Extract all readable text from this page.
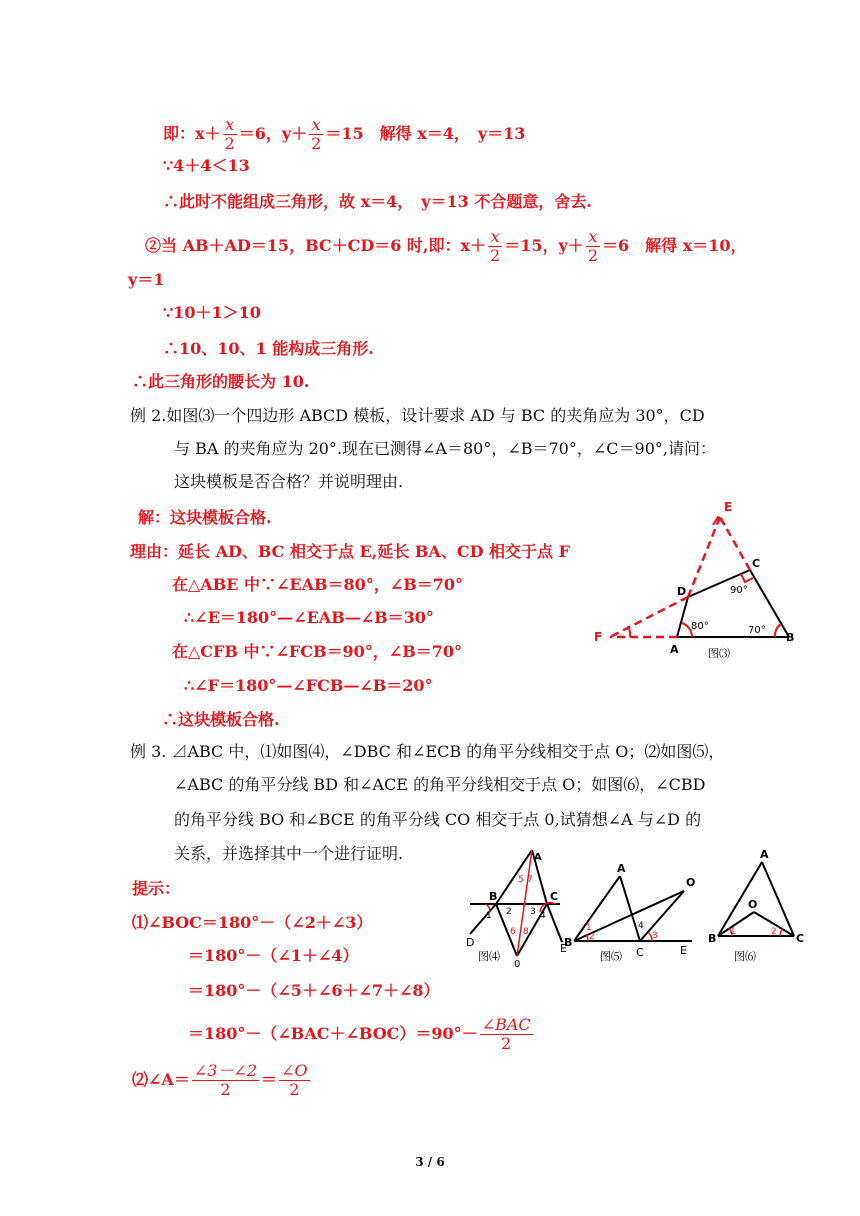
即：$x+ \frac{x}{2} =6$，$y+ \frac{x}{2} =15$　解得 x＝4，　y＝13
∵4＋4＜13
∴此时不能组成三角形，故 x＝4，　y＝13 不合题意，舍去.
②当 AB＋AD＝15，BC＋CD＝6 时,即：$x+ \frac{x}{2} =15$，$y+ \frac{x}{2} =6$　解得 x＝10，
y＝1
∵10＋1＞10
∴10、10、1 能构成三角形.
∴此三角形的腰长为 10.
例 2.如图⑶一个四边形 ABCD 模板，设计要求 AD 与 BC 的夹角应为 30°，CD
与 BA 的夹角应为 20°.现在已测得∠A＝80°，∠B＝70°，∠C＝90°,请问：
这块模板是否合格？并说明理由.
解：这块模板合格.
理由：延长 AD、BC 相交于点 E,延长 BA、CD 相交于点 F
在△ABE 中∵∠EAB＝80°，∠B＝70°
∴∠E＝180°—∠EAB—∠B＝30°
在△CFB 中∵∠FCB＝90°，∠B＝70°
∴∠F＝180°—∠FCB—∠B＝20°
∴这块模板合格.
E
C
D
F
A
B
90°
80°	70°
图⑶
例 3. ⊿ABC 中，⑴如图⑷，∠DBC 和∠ECB 的角平分线相交于点 O；⑵如图⑸，
∠ABC 的角平分线 BD 和∠ACE 的角平分线相交于点 O；如图⑹，∠CBD
的角平分线 BO 和∠BCE 的角平分线 CO 相交于点 0,试猜想∠A 与∠D 的
关系，并选择其中一个进行证明.
B	C
A
D	E
0
1 2 3 4
5
6
7
8
图⑷
A
O
B
C	E
1
2	3
4
图⑸
A
O
B	C
1	2
图⑹
提示：
⑴∠BOC＝180°－（∠2＋∠3）
＝180°－（∠1＋∠4）
＝180°－（∠5＋∠6＋∠7＋∠8）
＝180°－（∠BAC＋∠BOC）＝90°－ $\frac{\text{∠BAC}}{2}$
⑵∠A＝ $\frac{\angle 3-\angle 2}{2} = \frac{\angle O}{2}$
3 / 6
